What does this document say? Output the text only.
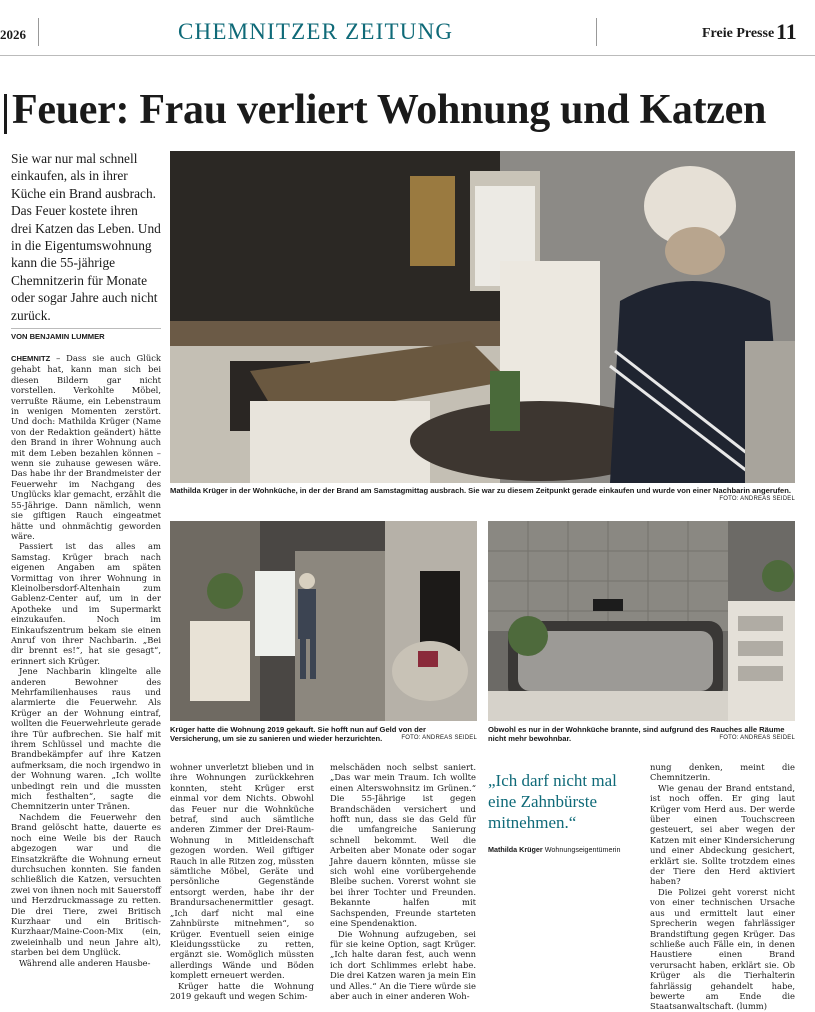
2026	CHEMNITZER ZEITUNG	Freie Presse 11
Feuer: Frau verliert Wohnung und Katzen

Sie war nur mal schnell einkaufen, als in ihrer Küche ein Brand ausbrach. Das Feuer kostete ihren drei Katzen das Leben. Und in die Eigentumswohnung kann die 55-jährige Chemnitzerin für Monate oder sogar Jahre auch nicht zurück.

VON BENJAMIN LUMMER

CHEMNITZ – Dass sie auch Glück gehabt hat, kann man sich bei diesen Bildern gar nicht vorstellen. Verkohlte Möbel, verrußte Räume, ein Lebenstraum in wenigen Momenten zerstört. Und doch: Mathilda Krüger (Name von der Redaktion geändert) hätte den Brand in ihrer Wohnung auch mit dem Leben bezahlen können – wenn sie zuhause gewesen wäre. Das habe ihr der Brandmeister der Feuerwehr im Nachgang des Unglücks klar gemacht, erzählt die 55-Jährige. Dann nämlich, wenn sie giftigen Rauch eingeatmet hätte und ohnmächtig geworden wäre.

Passiert ist das alles am Samstag. Krüger brach nach eigenen Angaben am späten Vormittag von ihrer Wohnung in Kleinolbersdorf-Altenhain zum Gablenz-Center auf, um in der Apotheke und im Supermarkt einzukaufen. Noch im Einkaufszentrum bekam sie einen Anruf von ihrer Nachbarin. „Bei dir brennt es!“, hat sie gesagt“, erinnert sich Krüger.

Jene Nachbarin klingelte alle anderen Bewohner des Mehrfamilienhauses raus und alarmierte die Feuerwehr. Als Krüger an der Wohnung eintraf, wollten die Feuerwehrleute gerade ihre Tür aufbrechen. Sie half mit ihrem Schlüssel und machte die Brandbekämpfer auf ihre Katzen aufmerksam, die noch irgendwo in der Wohnung waren. „Ich wollte unbedingt rein und die mussten mich festhalten“, sagte die Chemnitzerin unter Tränen.

Nachdem die Feuerwehr den Brand gelöscht hatte, dauerte es noch eine Weile bis der Rauch abgezogen war und die Einsatzkräfte die Wohnung erneut durchsuchen konnten. Sie fanden schließlich die Katzen, versuchten zwei von ihnen noch mit Sauerstoff und Herzdruckmassage zu retten. Die drei Tiere, zwei Britisch Kurzhaar und ein Britisch-Kurzhaar/Maine-Coon-Mix (ein, zweieinhalb und neun Jahre alt), starben bei dem Unglück.

Während alle anderen Hausbe-

Mathilda Krüger in der Wohnküche, in der der Brand am Samstagmittag ausbrach. Sie war zu diesem Zeitpunkt gerade einkaufen und wurde von einer Nachbarin angerufen.
FOTO: ANDREAS SEIDEL
Krüger hatte die Wohnung 2019 gekauft. Sie hofft nun auf Geld von der Versicherung, um sie zu sanieren und wieder herzurichten.	FOTO: ANDREAS SEIDEL
Obwohl es nur in der Wohnküche brannte, sind aufgrund des Rauches alle Räume nicht mehr bewohnbar.	FOTO: ANDREAS SEIDEL

wohner unverletzt blieben und in ihre Wohnungen zurückkehren konnten, steht Krüger erst einmal vor dem Nichts. Obwohl das Feuer nur die Wohnküche betraf, sind auch sämtliche anderen Zimmer der Drei-Raum-Wohnung in Mitleidenschaft gezogen worden. Weil giftiger Rauch in alle Ritzen zog, müssten sämtliche Möbel, Geräte und persönliche Gegenstände entsorgt werden, habe ihr der Brandursachenermittler gesagt. „Ich darf nicht mal eine Zahnbürste mitnehmen“, so Krüger. Eventuell seien einige Kleidungsstücke zu retten, ergänzt sie. Womöglich müssten allerdings Wände und Böden komplett erneuert werden.

Krüger hatte die Wohnung 2019 gekauft und wegen Schim-

melschäden noch selbst saniert. „Das war mein Traum. Ich wollte einen Alterswohnsitz im Grünen.“ Die 55-Jährige ist gegen Brandschäden versichert und hofft nun, dass sie das Geld für die umfangreiche Sanierung schnell bekommt. Weil die Arbeiten aber Monate oder sogar Jahre dauern könnten, müsse sie sich wohl eine vorübergehende Bleibe suchen. Vorerst wohnt sie bei ihrer Tochter und Freunden. Bekannte halfen mit Sachspenden, Freunde starteten eine Spendenaktion.

Die Wohnung aufzugeben, sei für sie keine Option, sagt Krüger. „Ich halte daran fest, auch wenn ich dort Schlimmes erlebt habe. Die drei Katzen waren ja mein Ein und Alles.“ An die Tiere würde sie aber auch in einer anderen Woh-

„Ich darf nicht mal eine Zahnbürste mitnehmen.“
Mathilda Krüger Wohnungseigentümerin

nung denken, meint die Chemnitzerin.

Wie genau der Brand entstand, ist noch offen. Er ging laut Krüger vom Herd aus. Der werde über einen Touchscreen gesteuert, sei aber wegen der Katzen mit einer Kindersicherung und einer Abdeckung gesichert, erklärt sie. Sollte trotzdem eines der Tiere den Herd aktiviert haben?

Die Polizei geht vorerst nicht von einer technischen Ursache aus und ermittelt laut einer Sprecherin wegen fahrlässiger Brandstiftung gegen Krüger. Das schließe auch Fälle ein, in denen Haustiere einen Brand verursacht haben, erklärt sie. Ob Krüger als die Tierhalterin fahrlässig gehandelt habe, bewerte am Ende die Staatsanwaltschaft. (lumm)
